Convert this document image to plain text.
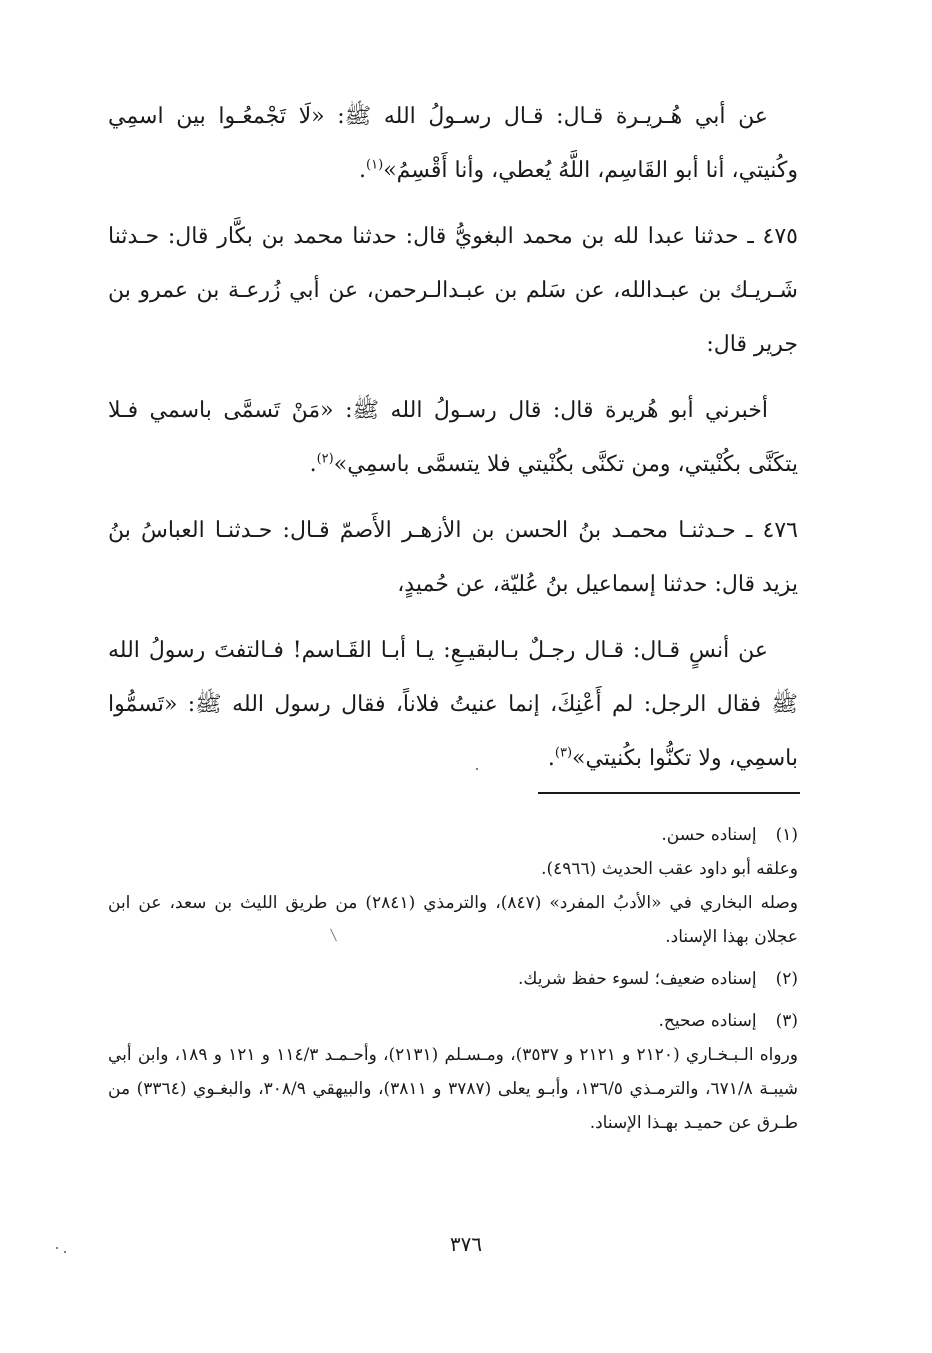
عن أبي هُـريـرة قـال: قـال رسـولُ الله ﷺ: «لَا تَجْمعُـوا بين اسمِي وكُنيتي، أنا أبو القَاسِم، اللَّهُ يُعطي، وأنا أَقْسِمُ»$^{(١)}$.

٤٧٥ ـ حدثنا عبدا لله بن محمد البغويُّ قال: حدثنا محمد بن بكَّار قال: حـدثنا شَـريـك بن عبـدالله، عن سَلم بن عبـدالـرحمن، عن أبي زُرعـة بن عمرو بن جرير قال:

أخبرني أبو هُريرة قال: قال رسـولُ الله ﷺ: «مَنْ تَسمَّى باسمي فـلا يتكَنَّى بكُنْيتي، ومن تكنَّى بكُنْيتي فلا يتسمَّى باسمِي»$^{(٢)}$.

٤٧٦ ـ حـدثنـا محمـد بنُ الحسن بن الأزهـر الأَصمّ قـال: حـدثنـا العباسُ بنُ يزيد قال: حدثنا إسماعيل بنُ عُليّة، عن حُميدٍ،

عن أنسٍ قـال: قـال رجـلٌ بـالبقيـعِ: يـا أبـا القَـاسم! فـالتفتَ رسولُ الله ﷺ فقال الرجل: لم أَعْنِكَ، إنما عنيتُ فلاناً، فقال رسول الله ﷺ: «تَسمُّوا باسمِي، ولا تكنُّوا بكُنيتي»$^{(٣)}$.

(١) إسناده حسن.

وعلقه أبو داود عقب الحديث (٤٩٦٦).

وصله البخاري في «الأدبُ المفرد» (٨٤٧)، والترمذي (٢٨٤١) من طريق الليث بن سعد، عن ابن عجلان بهذا الإسناد.

(٢) إسناده ضعيف؛ لسوء حفظ شريك.

(٣) إسناده صحيح.

ورواه الـبـخـاري (٢١٢٠ و ٢١٢١ و ٣٥٣٧)، ومـسـلم (٢١٣١)، وأحـمـد ١١٤/٣ و ١٢١ و ١٨٩، وابن أبي شيبـة ٦٧١/٨، والترمـذي ١٣٦/٥، وأبـو يعلى (٣٧٨٧ و ٣٨١١)، والبيهقي ٣٠٨/٩، والبغـوي (٣٣٦٤) من طـرق عن حميـد بهـذا الإسناد.

٣٧٦
